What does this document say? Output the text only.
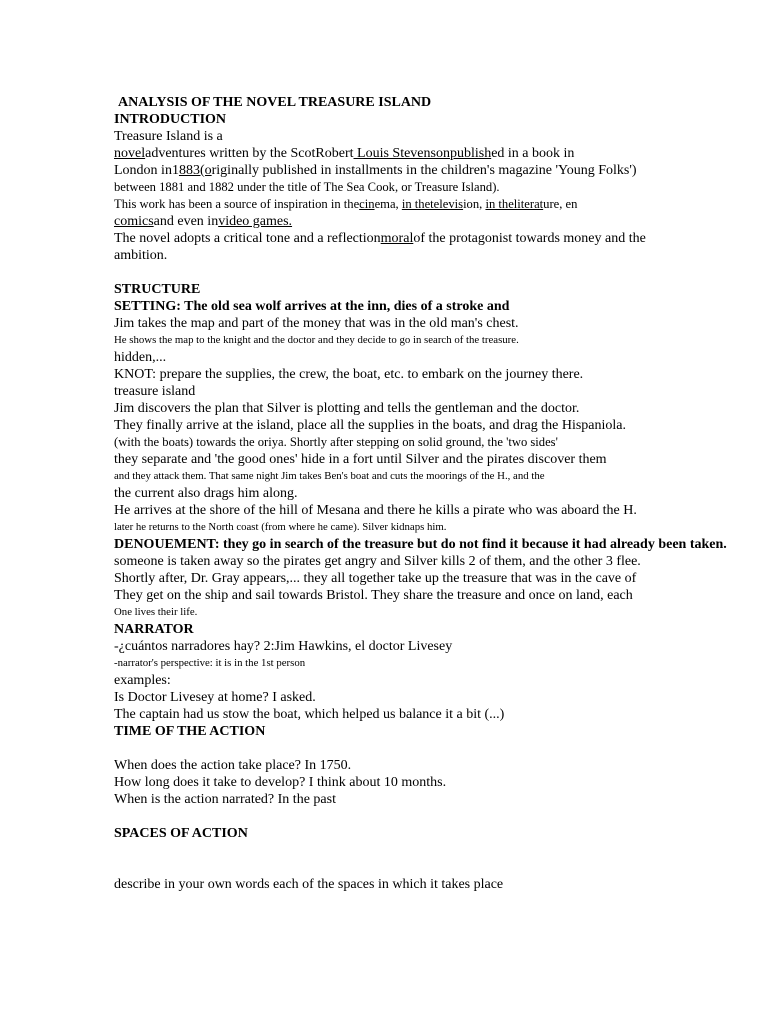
ANALYSIS OF THE NOVEL TREASURE ISLAND
INTRODUCTION
Treasure Island is a
noveladventures written by the ScotRobert Louis Stevensonpublished in a book in
London in1883(originally published in installments in the children's magazine 'Young Folks')
between 1881 and 1882 under the title of The Sea Cook, or Treasure Island).
This work has been a source of inspiration in thecinema, in thetelevision, in theliterature, en
comicsand even invideo games.
The novel adopts a critical tone and a reflectionmoralof the protagonist towards money and the
ambition.
STRUCTURE
SETTING: The old sea wolf arrives at the inn, dies of a stroke and
Jim takes the map and part of the money that was in the old man's chest.
He shows the map to the knight and the doctor and they decide to go in search of the treasure.
hidden,...
KNOT: prepare the supplies, the crew, the boat, etc. to embark on the journey there.
treasure island
Jim discovers the plan that Silver is plotting and tells the gentleman and the doctor.
They finally arrive at the island, place all the supplies in the boats, and drag the Hispaniola.
(with the boats) towards the oriya. Shortly after stepping on solid ground, the 'two sides'
they separate and 'the good ones' hide in a fort until Silver and the pirates discover them
and they attack them. That same night Jim takes Ben's boat and cuts the moorings of the H., and the
the current also drags him along.
He arrives at the shore of the hill of Mesana and there he kills a pirate who was aboard the H.
later he returns to the North coast (from where he came). Silver kidnaps him.
DENOUEMENT: they go in search of the treasure but do not find it because it had already been taken.
someone is taken away so the pirates get angry and Silver kills 2 of them, and the other 3 flee.
Shortly after, Dr. Gray appears,... they all together take up the treasure that was in the cave of
They get on the ship and sail towards Bristol. They share the treasure and once on land, each
One lives their life.
NARRATOR
-¿cuántos narradores hay? 2:Jim Hawkins, el doctor Livesey
-narrator's perspective: it is in the 1st person
examples:
Is Doctor Livesey at home? I asked.
The captain had us stow the boat, which helped us balance it a bit (...)
TIME OF THE ACTION
When does the action take place? In 1750.
How long does it take to develop? I think about 10 months.
When is the action narrated? In the past
SPACES OF ACTION
describe in your own words each of the spaces in which it takes place
